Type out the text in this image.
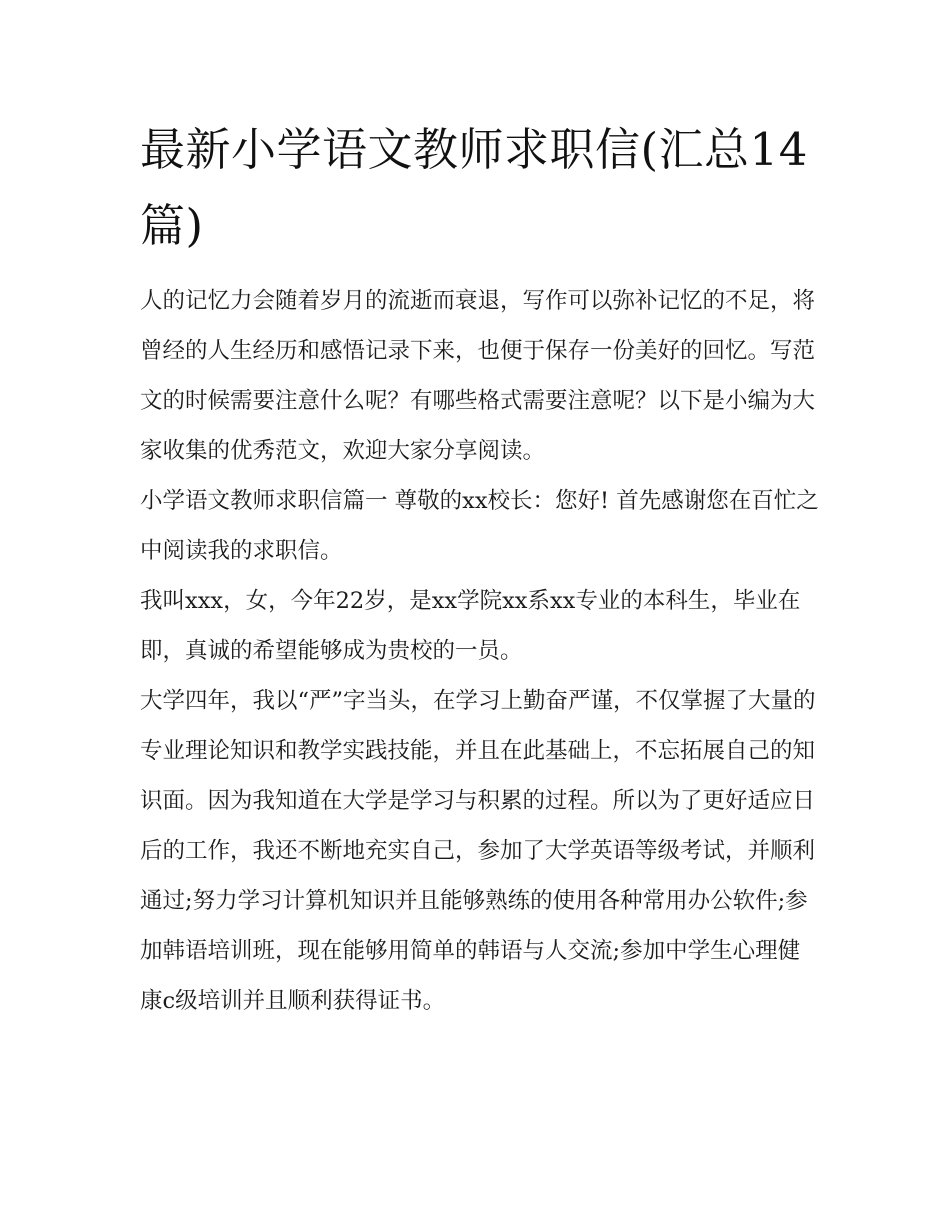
最新小学语文教师求职信(汇总14篇)

人的记忆力会随着岁月的流逝而衰退，写作可以弥补记忆的不足，将曾经的人生经历和感悟记录下来，也便于保存一份美好的回忆。写范文的时候需要注意什么呢？有哪些格式需要注意呢？以下是小编为大家收集的优秀范文，欢迎大家分享阅读。

小学语文教师求职信篇一 尊敬的xx校长：您好! 首先感谢您在百忙之中阅读我的求职信。

我叫xxx，女，今年22岁，是xx学院xx系xx专业的本科生，毕业在即，真诚的希望能够成为贵校的一员。

大学四年，我以“严”字当头，在学习上勤奋严谨，不仅掌握了大量的专业理论知识和教学实践技能，并且在此基础上，不忘拓展自己的知识面。因为我知道在大学是学习与积累的过程。所以为了更好适应日后的工作，我还不断地充实自己，参加了大学英语等级考试，并顺利通过;努力学习计算机知识并且能够熟练的使用各种常用办公软件;参加韩语培训班，现在能够用简单的韩语与人交流;参加中学生心理健康c级培训并且顺利获得证书。
